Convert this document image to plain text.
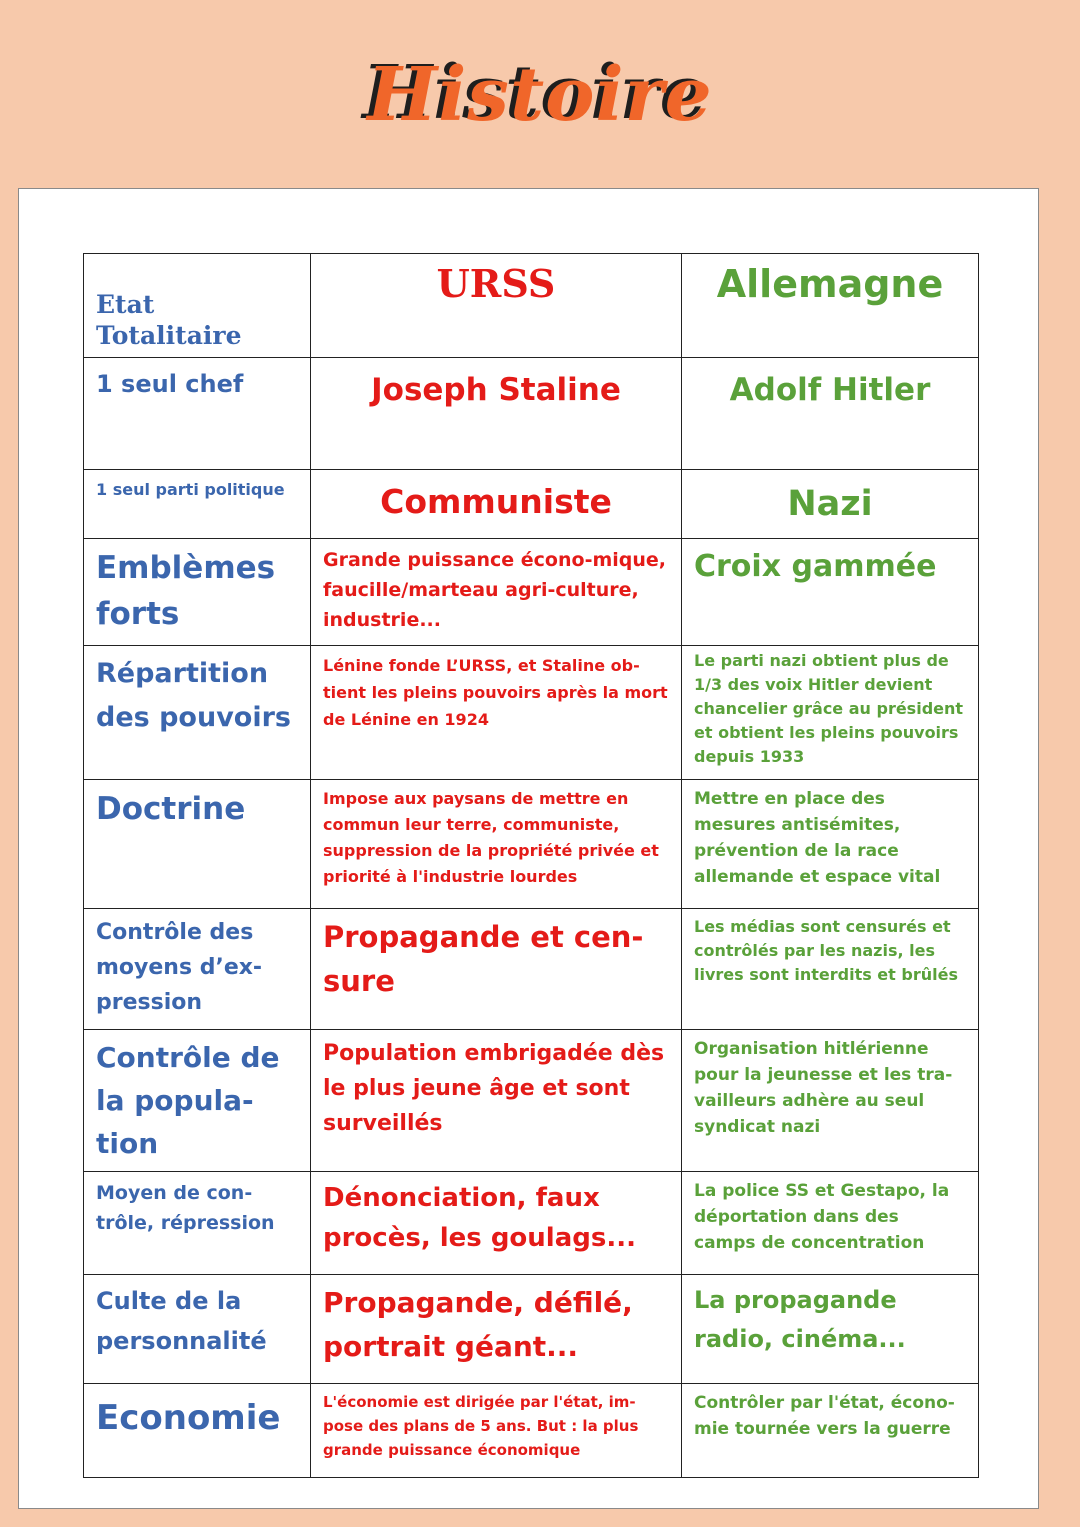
Histoire

Etat
Totalitaire	URSS	Allemagne
1 seul chef	Joseph Staline	Adolf Hitler
1 seul parti politique	Communiste	Nazi
Emblèmes forts	Grande puissance écono-mique, faucille/marteau agri-culture, industrie...	Croix gammée
Répartition des pouvoirs	Lénine fonde L’URSS, et Staline ob-tient les pleins pouvoirs après la mort de Lénine en 1924	Le parti nazi obtient plus de 1/3 des voix Hitler devient chancelier grâce au président et obtient les pleins pouvoirs depuis 1933
Doctrine	Impose aux paysans de mettre en commun leur terre, communiste, suppression de la propriété privée et priorité à l'industrie lourdes	Mettre en place des mesures antisémites, prévention de la race allemande et espace vital
Contrôle des moyens d’ex-pression	Propagande et cen-sure	Les médias sont censurés et contrôlés par les nazis, les livres sont interdits et brûlés
Contrôle de la popula-tion	Population embrigadée dès le plus jeune âge et sont surveillés	Organisation hitlérienne pour la jeunesse et les tra-vailleurs adhère au seul syndicat nazi
Moyen de con-trôle, répression	Dénonciation, faux procès, les goulags...	La police SS et Gestapo, la déportation dans des camps de concentration
Culte de la personnalité	Propagande, défilé, portrait géant...	La propagande radio, cinéma...
Economie	L'économie est dirigée par l'état, im-pose des plans de 5 ans. But : la plus grande puissance économique	Contrôler par l'état, écono-mie tournée vers la guerre
